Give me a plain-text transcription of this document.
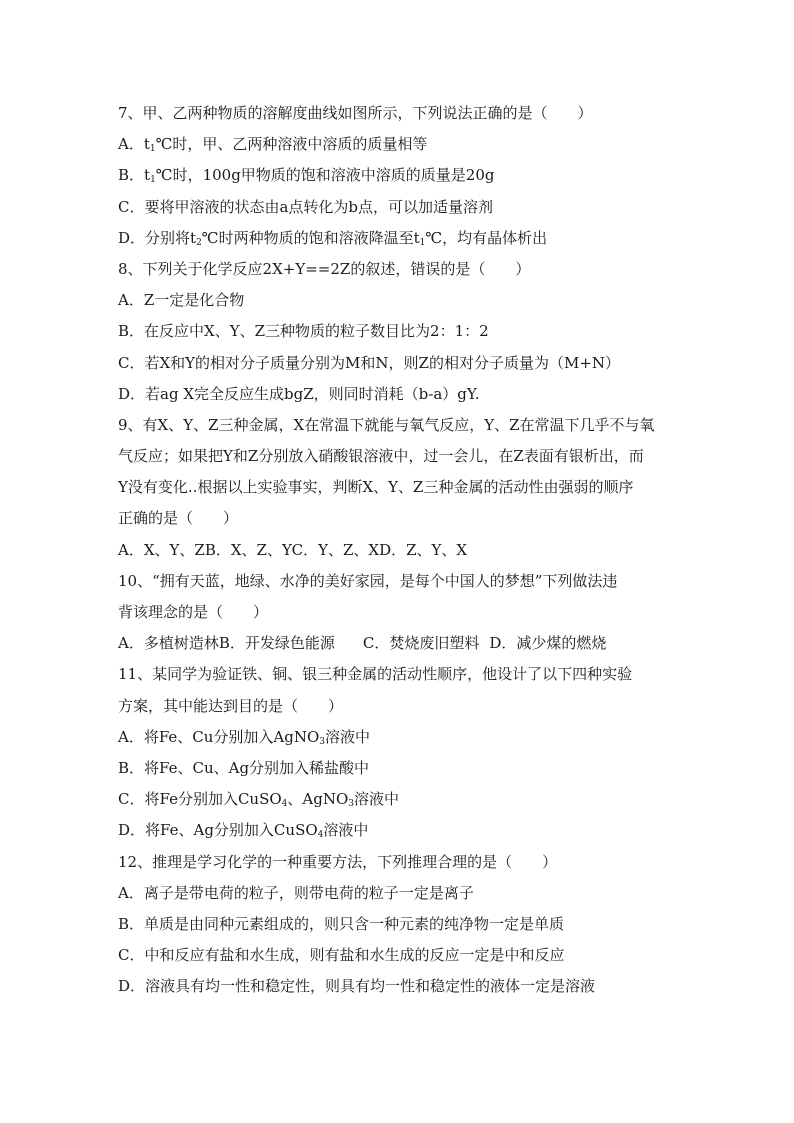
7、甲、乙两种物质的溶解度曲线如图所示，下列说法正确的是（　　）
A．$t_1℃$时，甲、乙两种溶液中溶质的质量相等
B．$t_1℃$时，100g甲物质的饱和溶液中溶质的质量是20g
C．要将甲溶液的状态由a点转化为b点，可以加适量溶剂
D．分别将$t_2℃$时两种物质的饱和溶液降温至$t_1℃$，均有晶体析出
8、下列关于化学反应2X+Y==2Z的叙述，错误的是（　　）
A．Z一定是化合物
B．在反应中X、Y、Z三种物质的粒子数目比为2：1：2
C．若X和Y的相对分子质量分别为M和N，则Z的相对分子质量为（M+N）
D．若ag X完全反应生成bgZ，则同时消耗（b-a）gY.
9、有X、Y、Z三种金属，X在常温下就能与氧气反应，Y、Z在常温下几乎不与氧
气反应；如果把Y和Z分别放入硝酸银溶液中，过一会儿，在Z表面有银析出，而
Y没有变化..根据以上实验事实，判断X、Y、Z三种金属的活动性由强弱的顺序
正确的是（　　）
A．X、Y、ZB．X、Z、YC．Y、Z、XD．Z、Y、X
10、“拥有天蓝，地绿、水净的美好家园，是每个中国人的梦想”下列做法违
背该理念的是（　　）
A．多植树造林B．开发绿色能源 C．焚烧废旧塑料 D．减少煤的燃烧
11、某同学为验证铁、铜、银三种金属的活动性顺序，他设计了以下四种实验
方案，其中能达到目的是（　　）
A．将Fe、Cu分别加入AgNO$_3$溶液中
B．将Fe、Cu、Ag分别加入稀盐酸中
C．将Fe分别加入CuSO$_4$、AgNO$_3$溶液中
D．将Fe、Ag分别加入CuSO$_4$溶液中
12、推理是学习化学的一种重要方法，下列推理合理的是（　　）
A．离子是带电荷的粒子，则带电荷的粒子一定是离子
B．单质是由同种元素组成的，则只含一种元素的纯净物一定是单质
C．中和反应有盐和水生成，则有盐和水生成的反应一定是中和反应
D．溶液具有均一性和稳定性，则具有均一性和稳定性的液体一定是溶液
